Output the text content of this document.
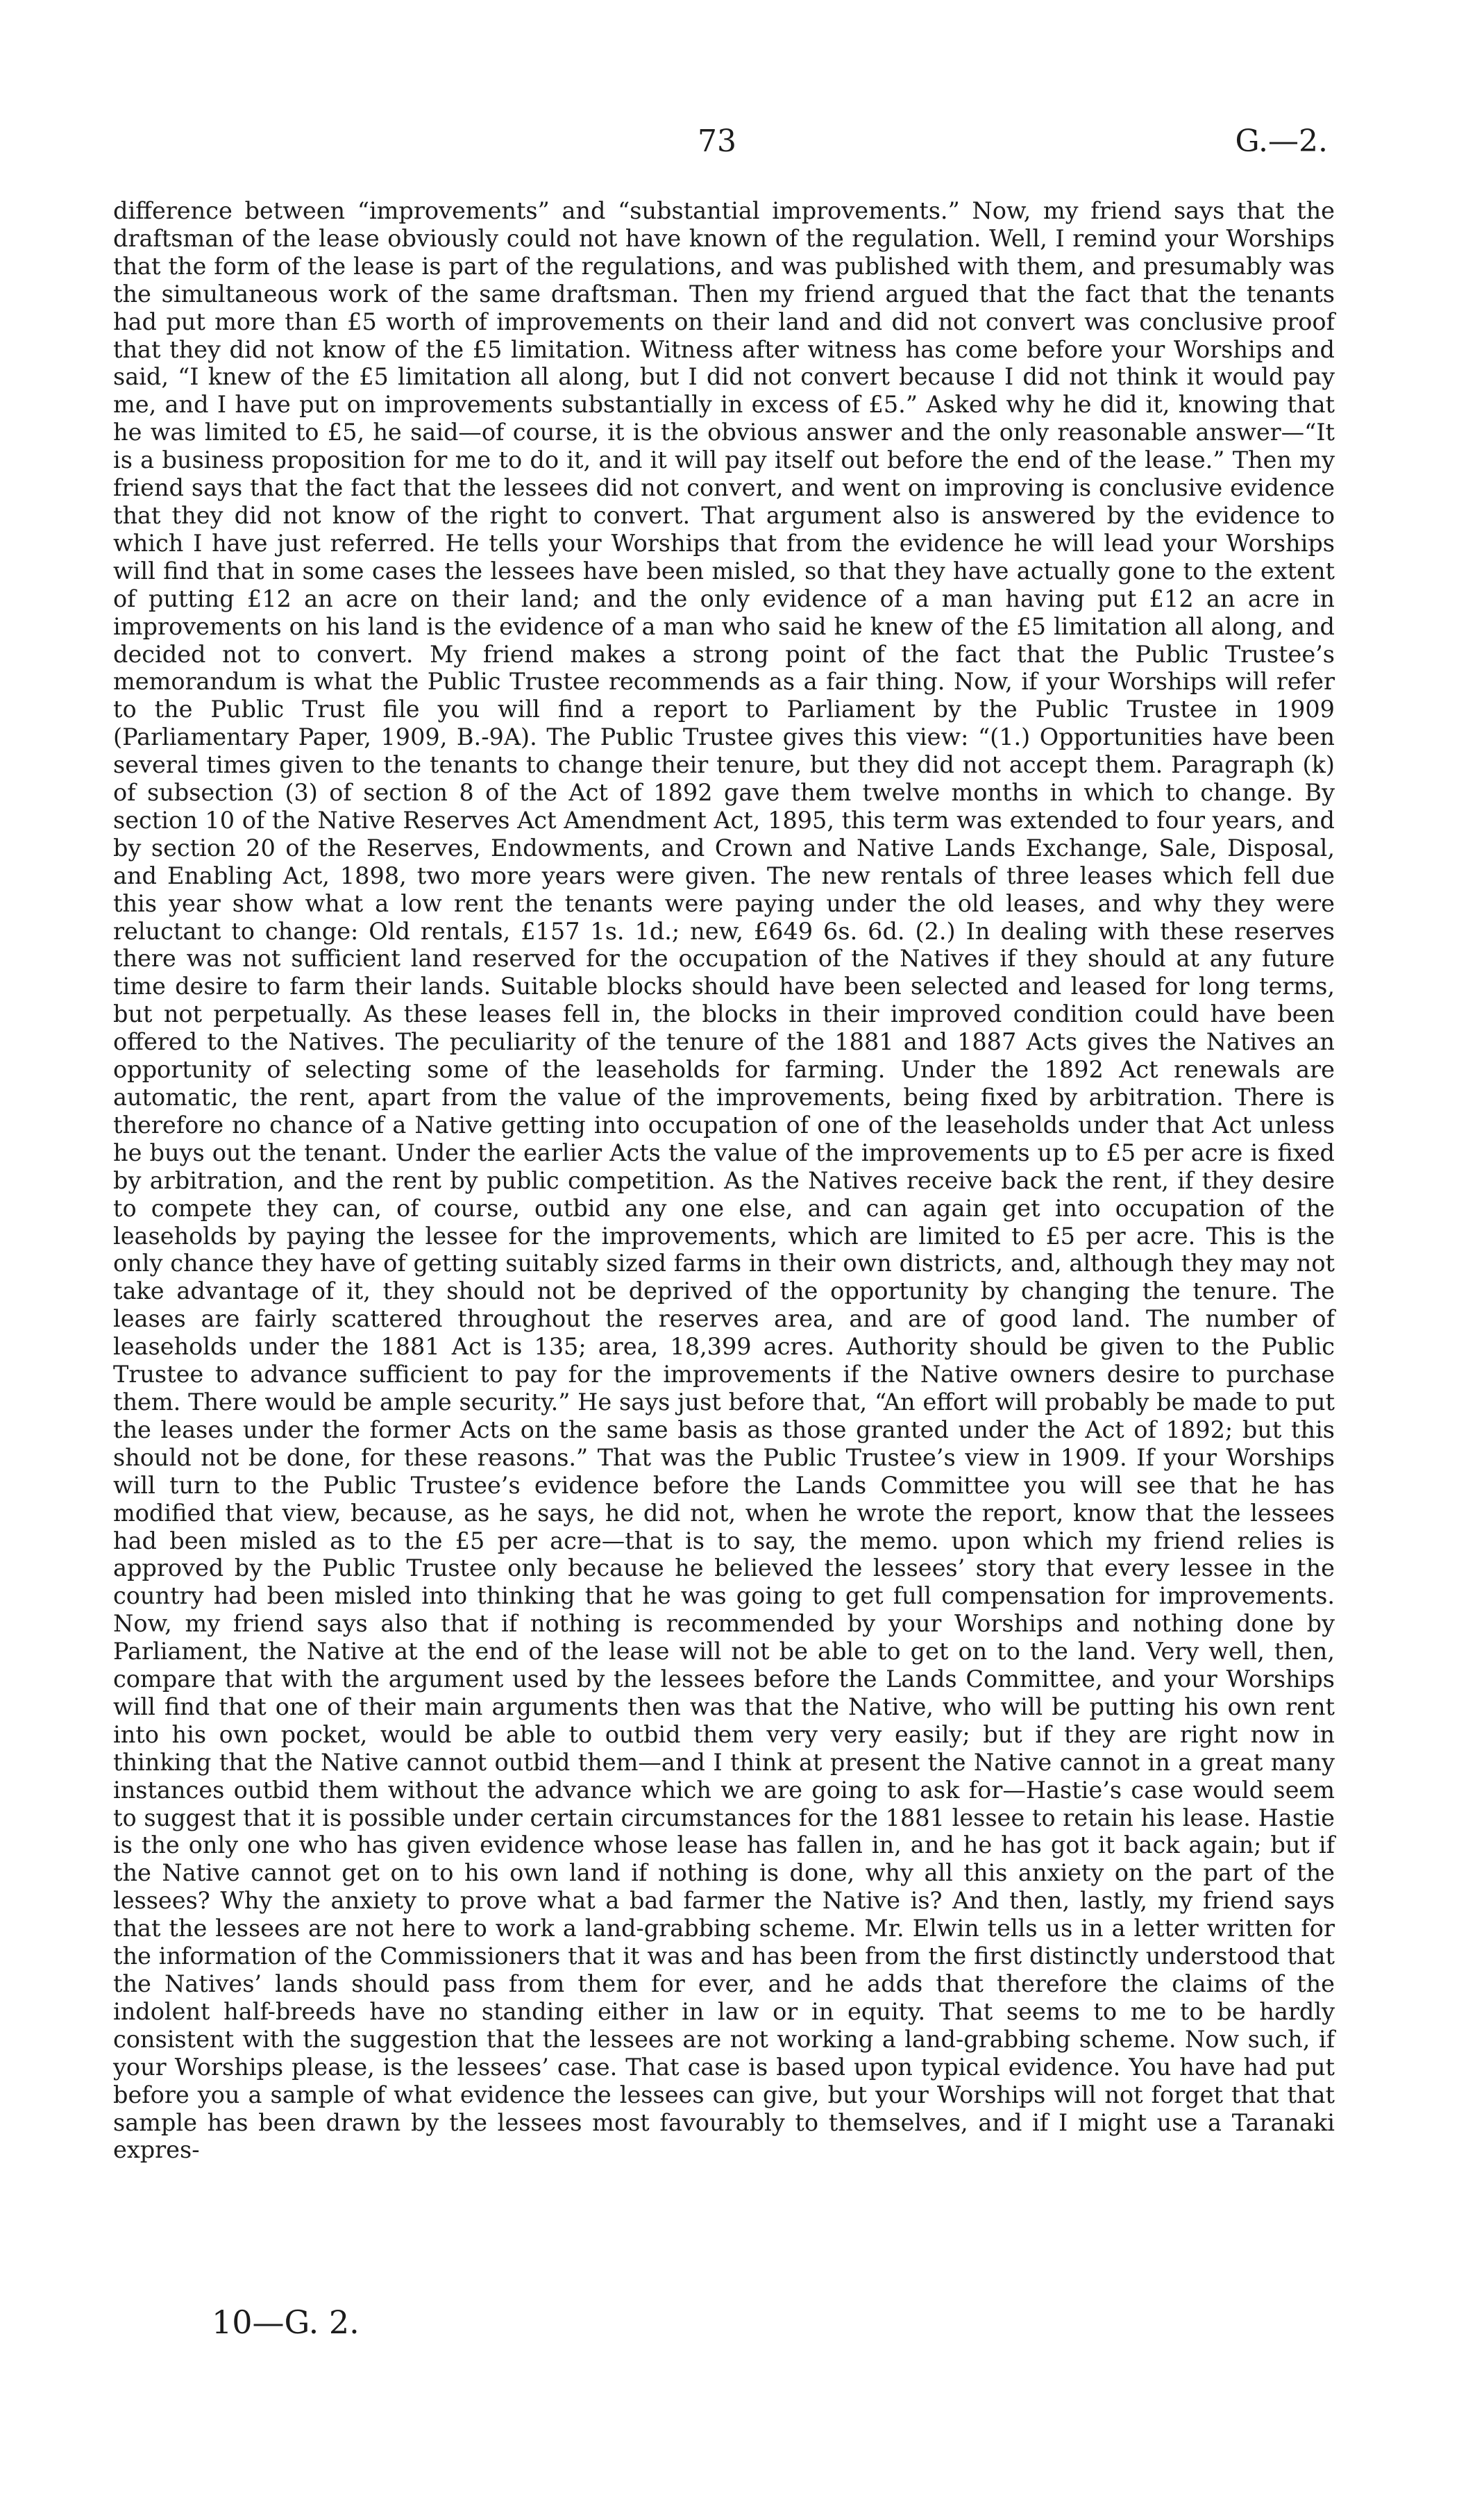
73	G.—2.

difference between “improvements” and “substantial improvements.” Now, my friend says that the draftsman of the lease obviously could not have known of the regulation. Well, I remind your Worships that the form of the lease is part of the regulations, and was published with them, and presumably was the simultaneous work of the same draftsman. Then my friend argued that the fact that the tenants had put more than £5 worth of improvements on their land and did not convert was conclusive proof that they did not know of the £5 limitation. Witness after witness has come before your Worships and said, “I knew of the £5 limitation all along, but I did not convert because I did not think it would pay me, and I have put on improvements substantially in excess of £5.” Asked why he did it, knowing that he was limited to £5, he said—of course, it is the obvious answer and the only reasonable answer—“It is a business proposition for me to do it, and it will pay itself out before the end of the lease.” Then my friend says that the fact that the lessees did not convert, and went on improving is conclusive evidence that they did not know of the right to convert. That argument also is answered by the evidence to which I have just referred. He tells your Worships that from the evidence he will lead your Worships will find that in some cases the lessees have been misled, so that they have actually gone to the extent of putting £12 an acre on their land; and the only evidence of a man having put £12 an acre in improvements on his land is the evidence of a man who said he knew of the £5 limitation all along, and decided not to convert. My friend makes a strong point of the fact that the Public Trustee’s memorandum is what the Public Trustee recommends as a fair thing. Now, if your Worships will refer to the Public Trust file you will find a report to Parliament by the Public Trustee in 1909 (Parliamentary Paper, 1909, B.-9A). The Public Trustee gives this view: “(1.) Opportunities have been several times given to the tenants to change their tenure, but they did not accept them. Paragraph (k) of subsection (3) of section 8 of the Act of 1892 gave them twelve months in which to change. By section 10 of the Native Reserves Act Amendment Act, 1895, this term was extended to four years, and by section 20 of the Reserves, Endowments, and Crown and Native Lands Exchange, Sale, Disposal, and Enabling Act, 1898, two more years were given. The new rentals of three leases which fell due this year show what a low rent the tenants were paying under the old leases, and why they were reluctant to change: Old rentals, £157 1s. 1d.; new, £649 6s. 6d. (2.) In dealing with these reserves there was not sufficient land reserved for the occupation of the Natives if they should at any future time desire to farm their lands. Suitable blocks should have been selected and leased for long terms, but not perpetually. As these leases fell in, the blocks in their improved condition could have been offered to the Natives. The peculiarity of the tenure of the 1881 and 1887 Acts gives the Natives an opportunity of selecting some of the leaseholds for farming. Under the 1892 Act renewals are automatic, the rent, apart from the value of the improvements, being fixed by arbitration. There is therefore no chance of a Native getting into occupation of one of the leaseholds under that Act unless he buys out the tenant. Under the earlier Acts the value of the improvements up to £5 per acre is fixed by arbitration, and the rent by public competition. As the Natives receive back the rent, if they desire to compete they can, of course, outbid any one else, and can again get into occupation of the leaseholds by paying the lessee for the improvements, which are limited to £5 per acre. This is the only chance they have of getting suitably sized farms in their own districts, and, although they may not take advantage of it, they should not be deprived of the opportunity by changing the tenure. The leases are fairly scattered throughout the reserves area, and are of good land. The number of leaseholds under the 1881 Act is 135; area, 18,399 acres. Authority should be given to the Public Trustee to advance sufficient to pay for the improvements if the Native owners desire to purchase them. There would be ample security.” He says just before that, “An effort will probably be made to put the leases under the former Acts on the same basis as those granted under the Act of 1892; but this should not be done, for these reasons.” That was the Public Trustee’s view in 1909. If your Worships will turn to the Public Trustee’s evidence before the Lands Committee you will see that he has modified that view, because, as he says, he did not, when he wrote the report, know that the lessees had been misled as to the £5 per acre—that is to say, the memo. upon which my friend relies is approved by the Public Trustee only because he believed the lessees’ story that every lessee in the country had been misled into thinking that he was going to get full compensation for improvements. Now, my friend says also that if nothing is recommended by your Worships and nothing done by Parliament, the Native at the end of the lease will not be able to get on to the land. Very well, then, compare that with the argument used by the lessees before the Lands Committee, and your Worships will find that one of their main arguments then was that the Native, who will be putting his own rent into his own pocket, would be able to outbid them very very easily; but if they are right now in thinking that the Native cannot outbid them—and I think at present the Native cannot in a great many instances outbid them without the advance which we are going to ask for—Hastie’s case would seem to suggest that it is possible under certain circumstances for the 1881 lessee to retain his lease. Hastie is the only one who has given evidence whose lease has fallen in, and he has got it back again; but if the Native cannot get on to his own land if nothing is done, why all this anxiety on the part of the lessees? Why the anxiety to prove what a bad farmer the Native is? And then, lastly, my friend says that the lessees are not here to work a land-grabbing scheme. Mr. Elwin tells us in a letter written for the information of the Commissioners that it was and has been from the first distinctly understood that the Natives’ lands should pass from them for ever, and he adds that therefore the claims of the indolent half-breeds have no standing either in law or in equity. That seems to me to be hardly consistent with the suggestion that the lessees are not working a land-grabbing scheme. Now such, if your Worships please, is the lessees’ case. That case is based upon typical evidence. You have had put before you a sample of what evidence the lessees can give, but your Worships will not forget that that sample has been drawn by the lessees most favourably to themselves, and if I might use a Taranaki expres-

10—G. 2.
